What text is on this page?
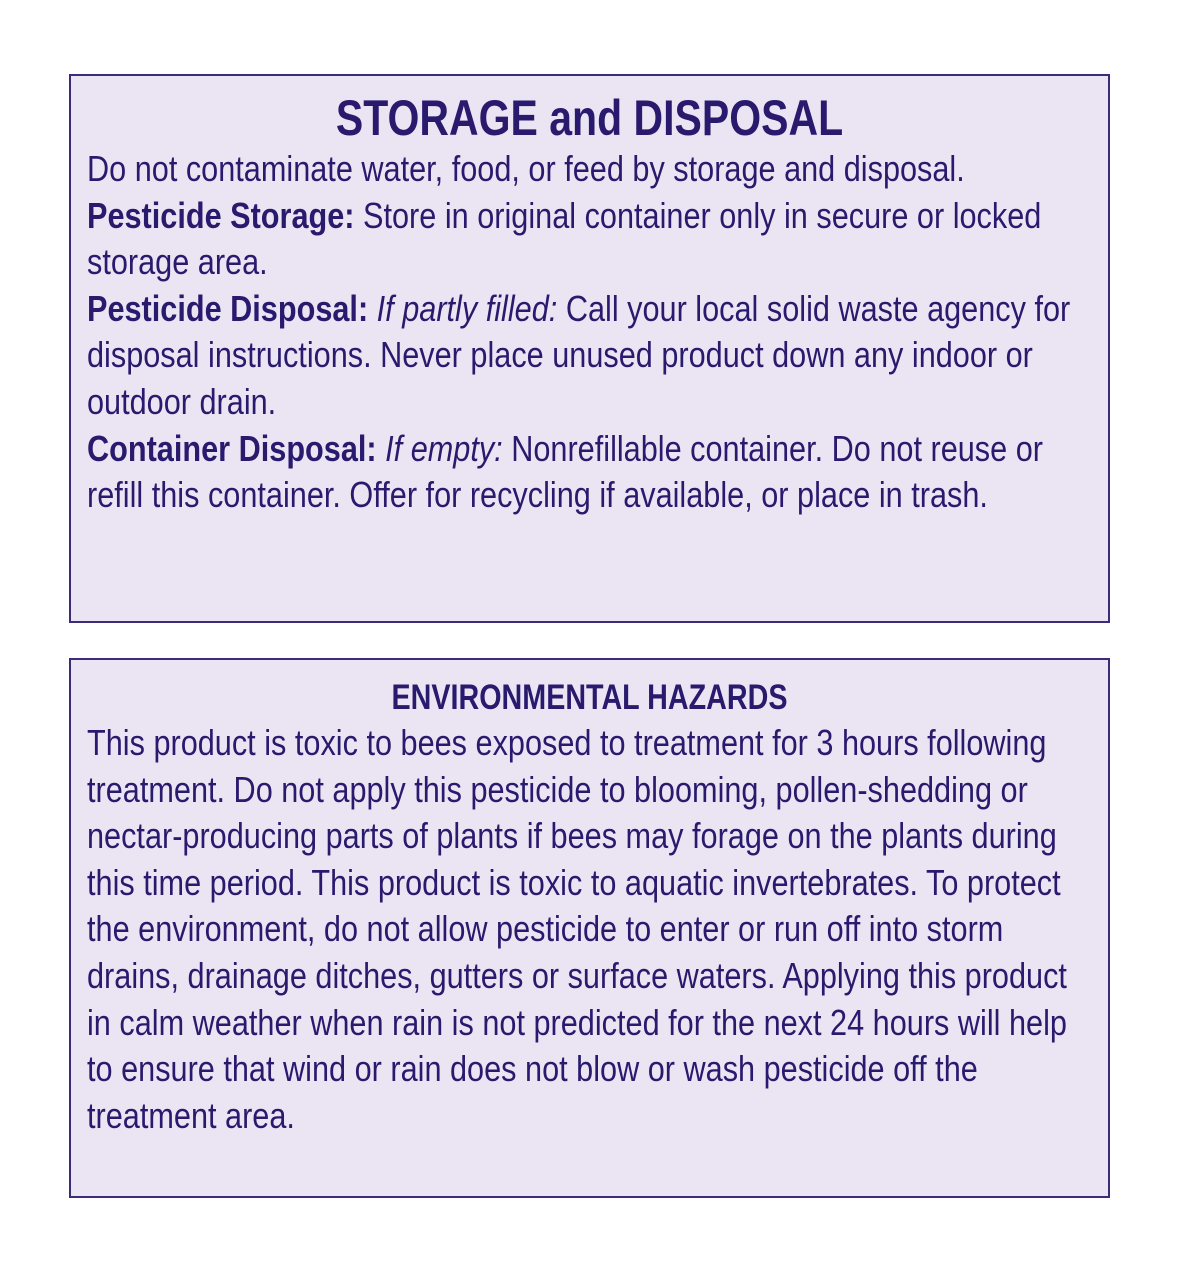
STORAGE and DISPOSAL

Do not contaminate water, food, or feed by storage and disposal.

Pesticide Storage: Store in original container only in secure or locked storage area.

Pesticide Disposal: If partly filled: Call your local solid waste agency for disposal instructions. Never place unused product down any indoor or outdoor drain.

Container Disposal: If empty: Nonrefillable container. Do not reuse or refill this container. Offer for recycling if available, or place in trash.

ENVIRONMENTAL HAZARDS

This product is toxic to bees exposed to treatment for 3 hours following treatment. Do not apply this pesticide to blooming, pollen-shedding or nectar-producing parts of plants if bees may forage on the plants during this time period. This product is toxic to aquatic invertebrates. To protect the environment, do not allow pesticide to enter or run off into storm drains, drainage ditches, gutters or surface waters. Applying this product in calm weather when rain is not predicted for the next 24 hours will help to ensure that wind or rain does not blow or wash pesticide off the treatment area.
